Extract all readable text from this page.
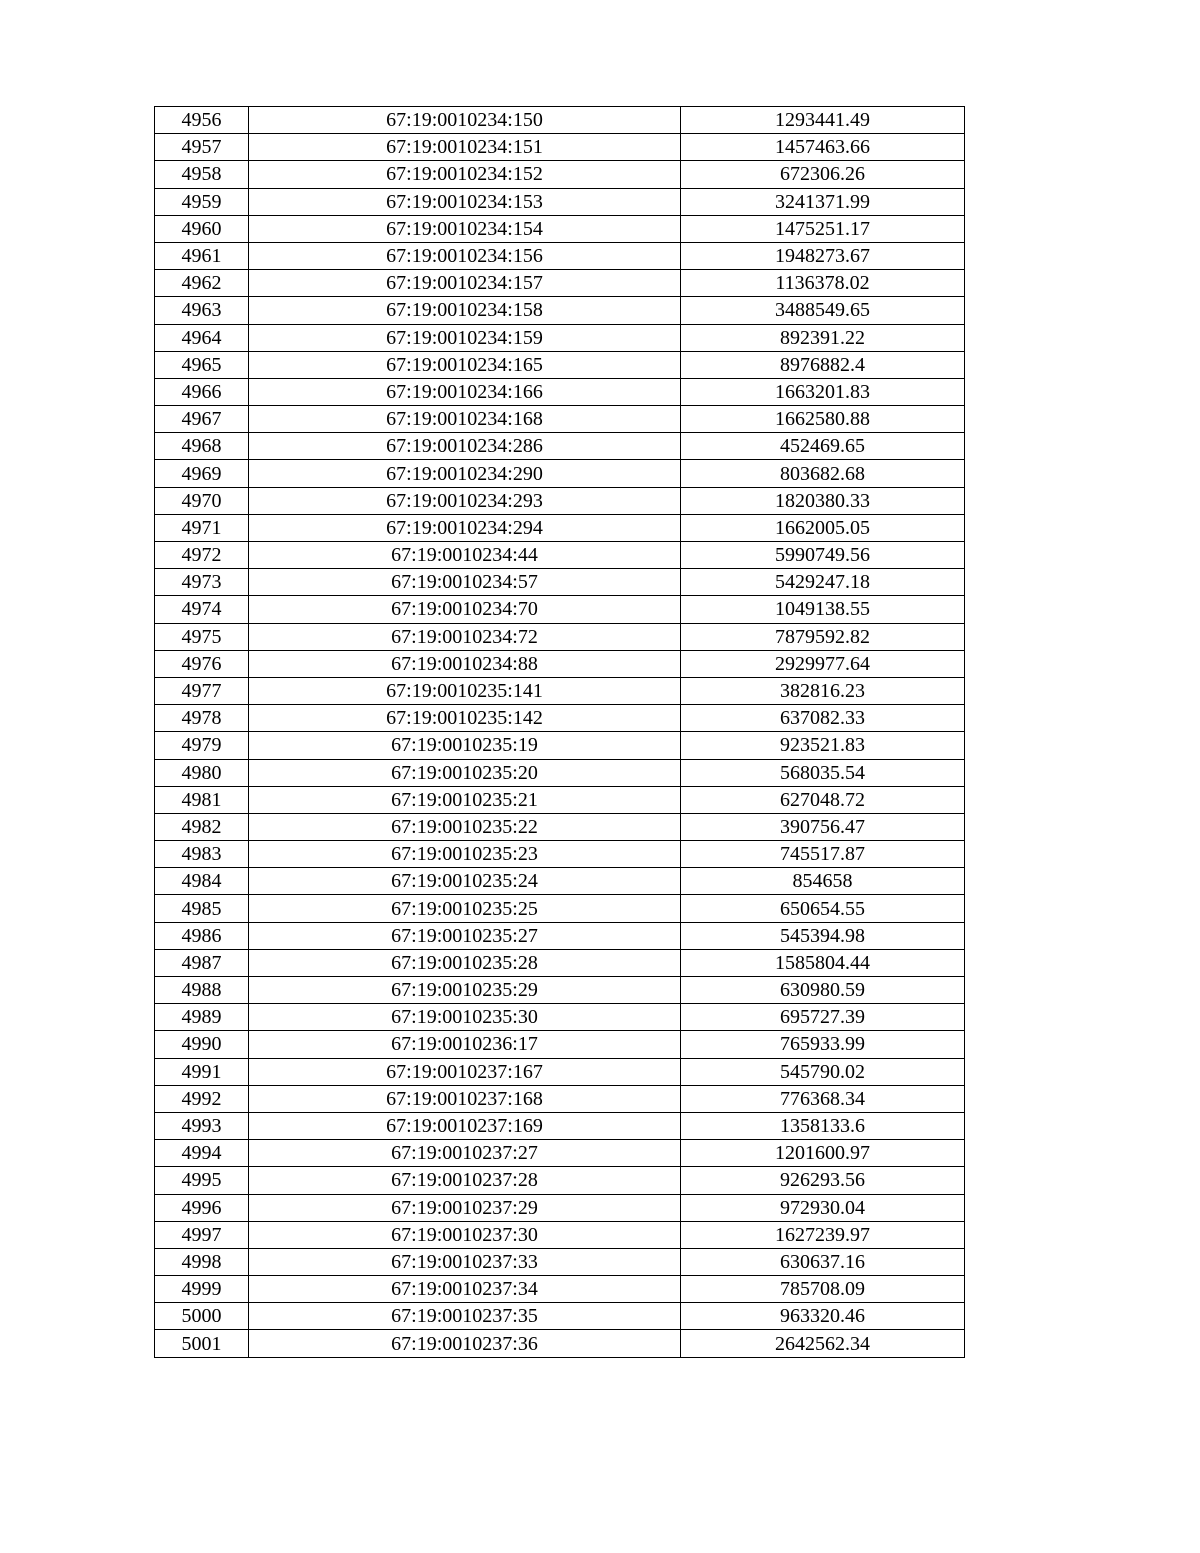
4956	67:19:0010234:150	1293441.49
4957	67:19:0010234:151	1457463.66
4958	67:19:0010234:152	672306.26
4959	67:19:0010234:153	3241371.99
4960	67:19:0010234:154	1475251.17
4961	67:19:0010234:156	1948273.67
4962	67:19:0010234:157	1136378.02
4963	67:19:0010234:158	3488549.65
4964	67:19:0010234:159	892391.22
4965	67:19:0010234:165	8976882.4
4966	67:19:0010234:166	1663201.83
4967	67:19:0010234:168	1662580.88
4968	67:19:0010234:286	452469.65
4969	67:19:0010234:290	803682.68
4970	67:19:0010234:293	1820380.33
4971	67:19:0010234:294	1662005.05
4972	67:19:0010234:44	5990749.56
4973	67:19:0010234:57	5429247.18
4974	67:19:0010234:70	1049138.55
4975	67:19:0010234:72	7879592.82
4976	67:19:0010234:88	2929977.64
4977	67:19:0010235:141	382816.23
4978	67:19:0010235:142	637082.33
4979	67:19:0010235:19	923521.83
4980	67:19:0010235:20	568035.54
4981	67:19:0010235:21	627048.72
4982	67:19:0010235:22	390756.47
4983	67:19:0010235:23	745517.87
4984	67:19:0010235:24	854658
4985	67:19:0010235:25	650654.55
4986	67:19:0010235:27	545394.98
4987	67:19:0010235:28	1585804.44
4988	67:19:0010235:29	630980.59
4989	67:19:0010235:30	695727.39
4990	67:19:0010236:17	765933.99
4991	67:19:0010237:167	545790.02
4992	67:19:0010237:168	776368.34
4993	67:19:0010237:169	1358133.6
4994	67:19:0010237:27	1201600.97
4995	67:19:0010237:28	926293.56
4996	67:19:0010237:29	972930.04
4997	67:19:0010237:30	1627239.97
4998	67:19:0010237:33	630637.16
4999	67:19:0010237:34	785708.09
5000	67:19:0010237:35	963320.46
5001	67:19:0010237:36	2642562.34
